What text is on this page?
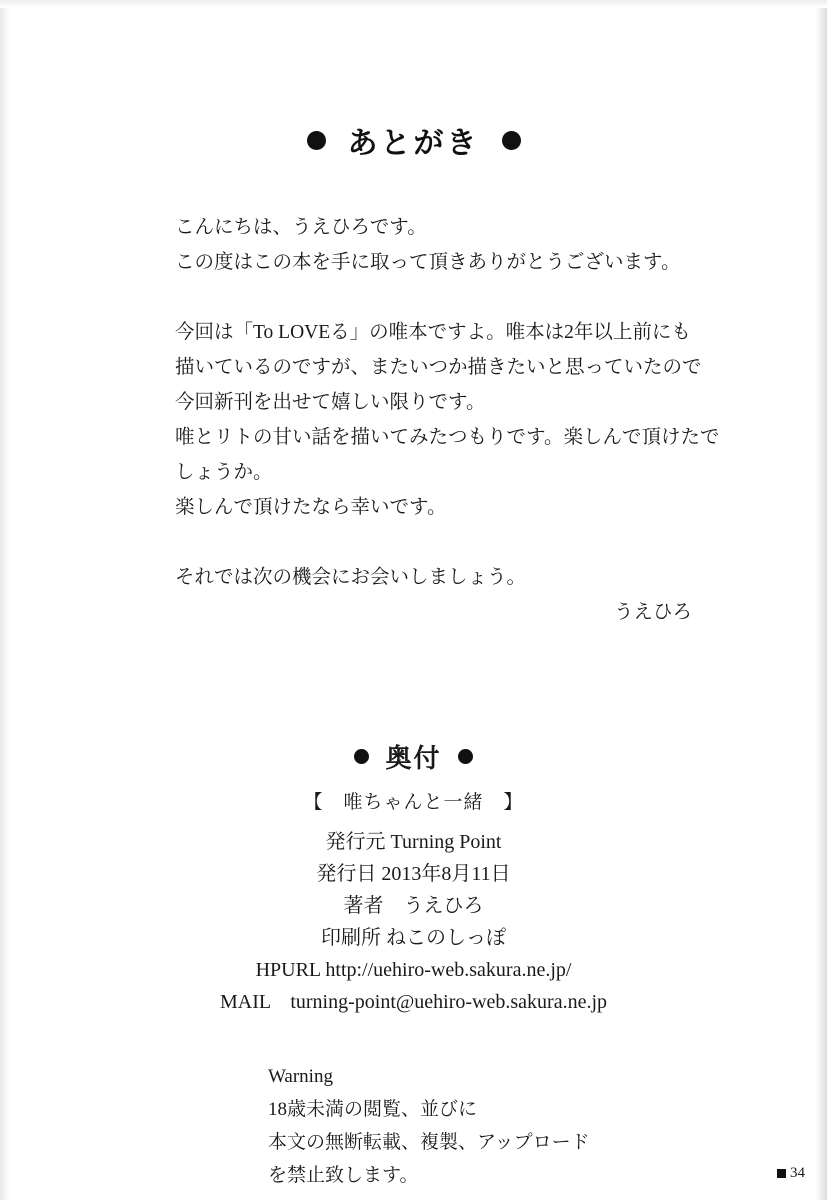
あとがき

こんにちは、うえひろです。

この度はこの本を手に取って頂きありがとうございます。

今回は「To LOVEる」の唯本ですよ。唯本は2年以上前にも

描いているのですが、またいつか描きたいと思っていたので

今回新刊を出せて嬉しい限りです。

唯とリトの甘い話を描いてみたつもりです。楽しんで頂けたでしょうか。

楽しんで頂けたなら幸いです。

それでは次の機会にお会いしましょう。

うえひろ
奥付
【　唯ちゃんと一緒　】
発行元 Turning Point
発行日 2013年8月11日
著者　うえひろ
印刷所 ねこのしっぽ
HPURL http://uehiro-web.sakura.ne.jp/
MAIL　turning-point@uehiro-web.sakura.ne.jp
Warning
18歳未満の閲覧、並びに
本文の無断転載、複製、アップロード
を禁止致します。	34
